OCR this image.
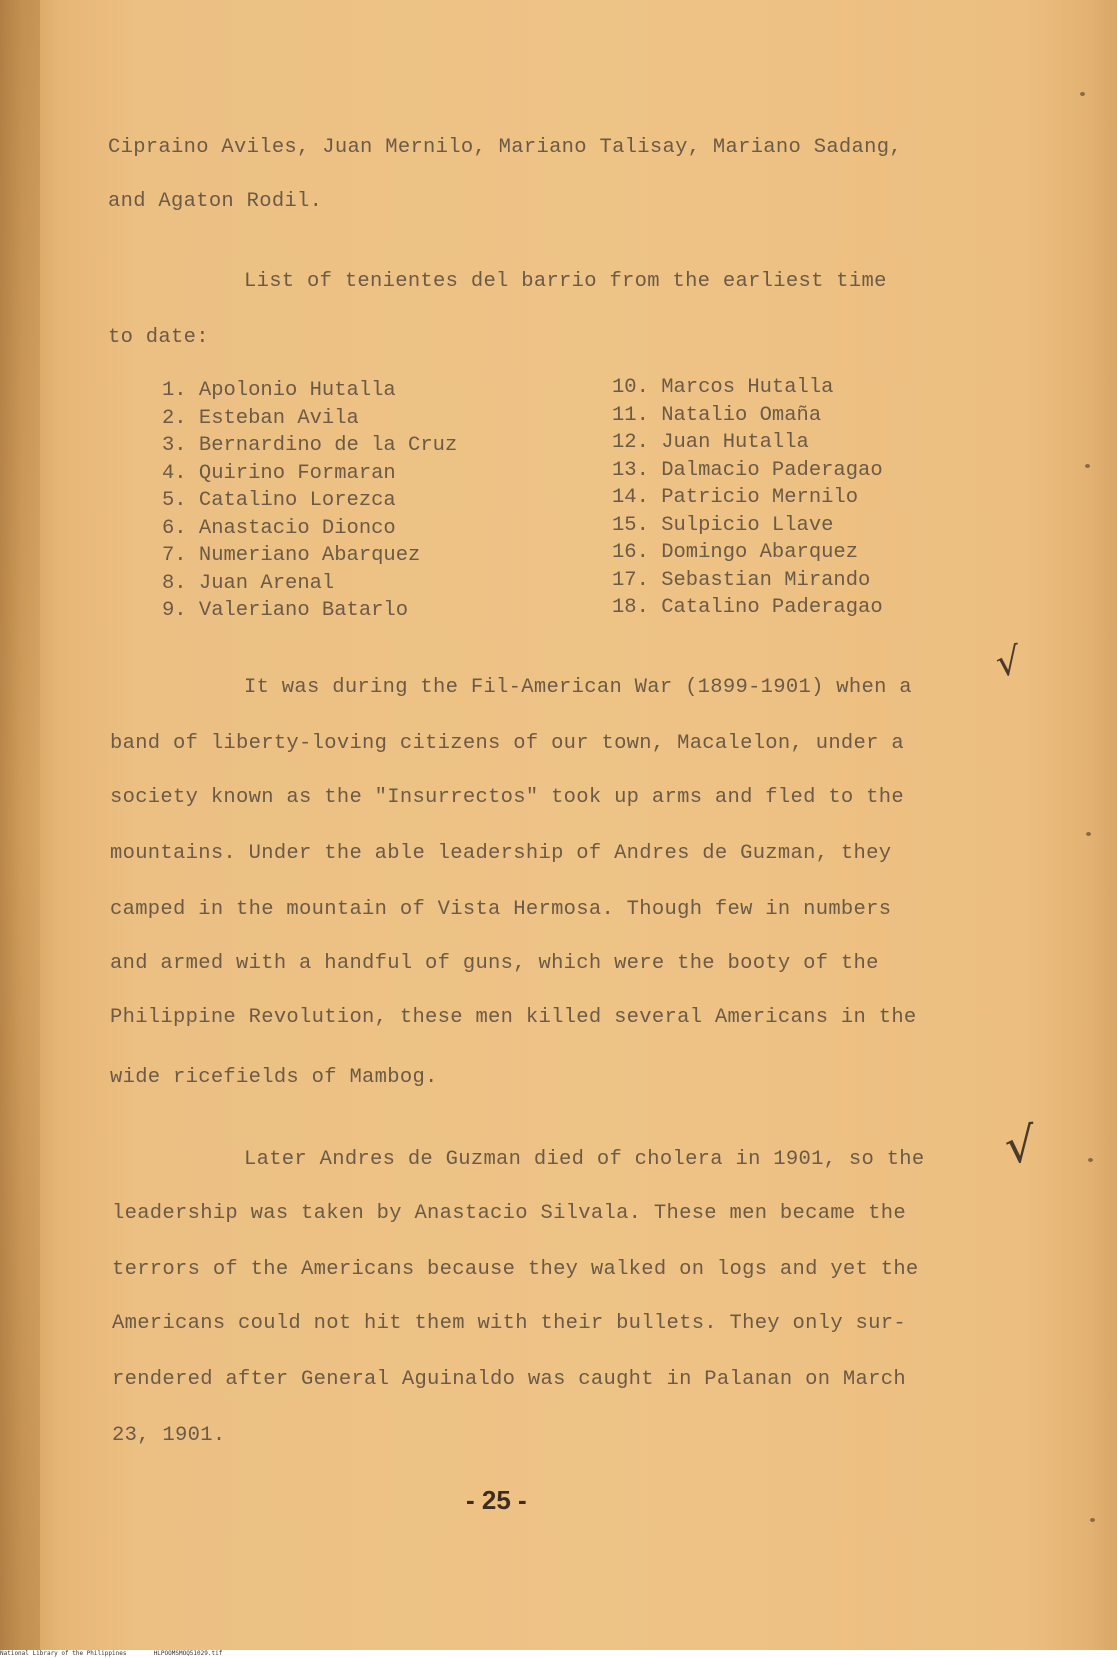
Cipraino Aviles, Juan Mernilo, Mariano Talisay, Mariano Sadang,
and Agaton Rodil.
List of tenientes del barrio from the earliest time
to date:
1. Apolonio Hutalla
2. Esteban Avila
3. Bernardino de la Cruz
4. Quirino Formaran
5. Catalino Lorezca
6. Anastacio Dionco
7. Numeriano Abarquez
8. Juan Arenal
9. Valeriano Batarlo
10. Marcos Hutalla
11. Natalio Omaña
12. Juan Hutalla
13. Dalmacio Paderagao
14. Patricio Mernilo
15. Sulpicio Llave
16. Domingo Abarquez
17. Sebastian Mirando
18. Catalino Paderagao
It was during the Fil-American War (1899-1901) when a
band of liberty-loving citizens of our town, Macalelon, under a
society known as the "Insurrectos" took up arms and fled to the
mountains. Under the able leadership of Andres de Guzman, they
camped in the mountain of Vista Hermosa. Though few in numbers
and armed with a handful of guns, which were the booty of the
Philippine Revolution, these men killed several Americans in the
wide ricefields of Mambog.
Later Andres de Guzman died of cholera in 1901, so the
leadership was taken by Anastacio Silvala. These men became the
terrors of the Americans because they walked on logs and yet the
Americans could not hit them with their bullets. They only sur-
rendered after General Aguinaldo was caught in Palanan on March
23, 1901.
√
√
- 25 -
National Library of the Philippines	HLPOOMSMOQ51029.tif
